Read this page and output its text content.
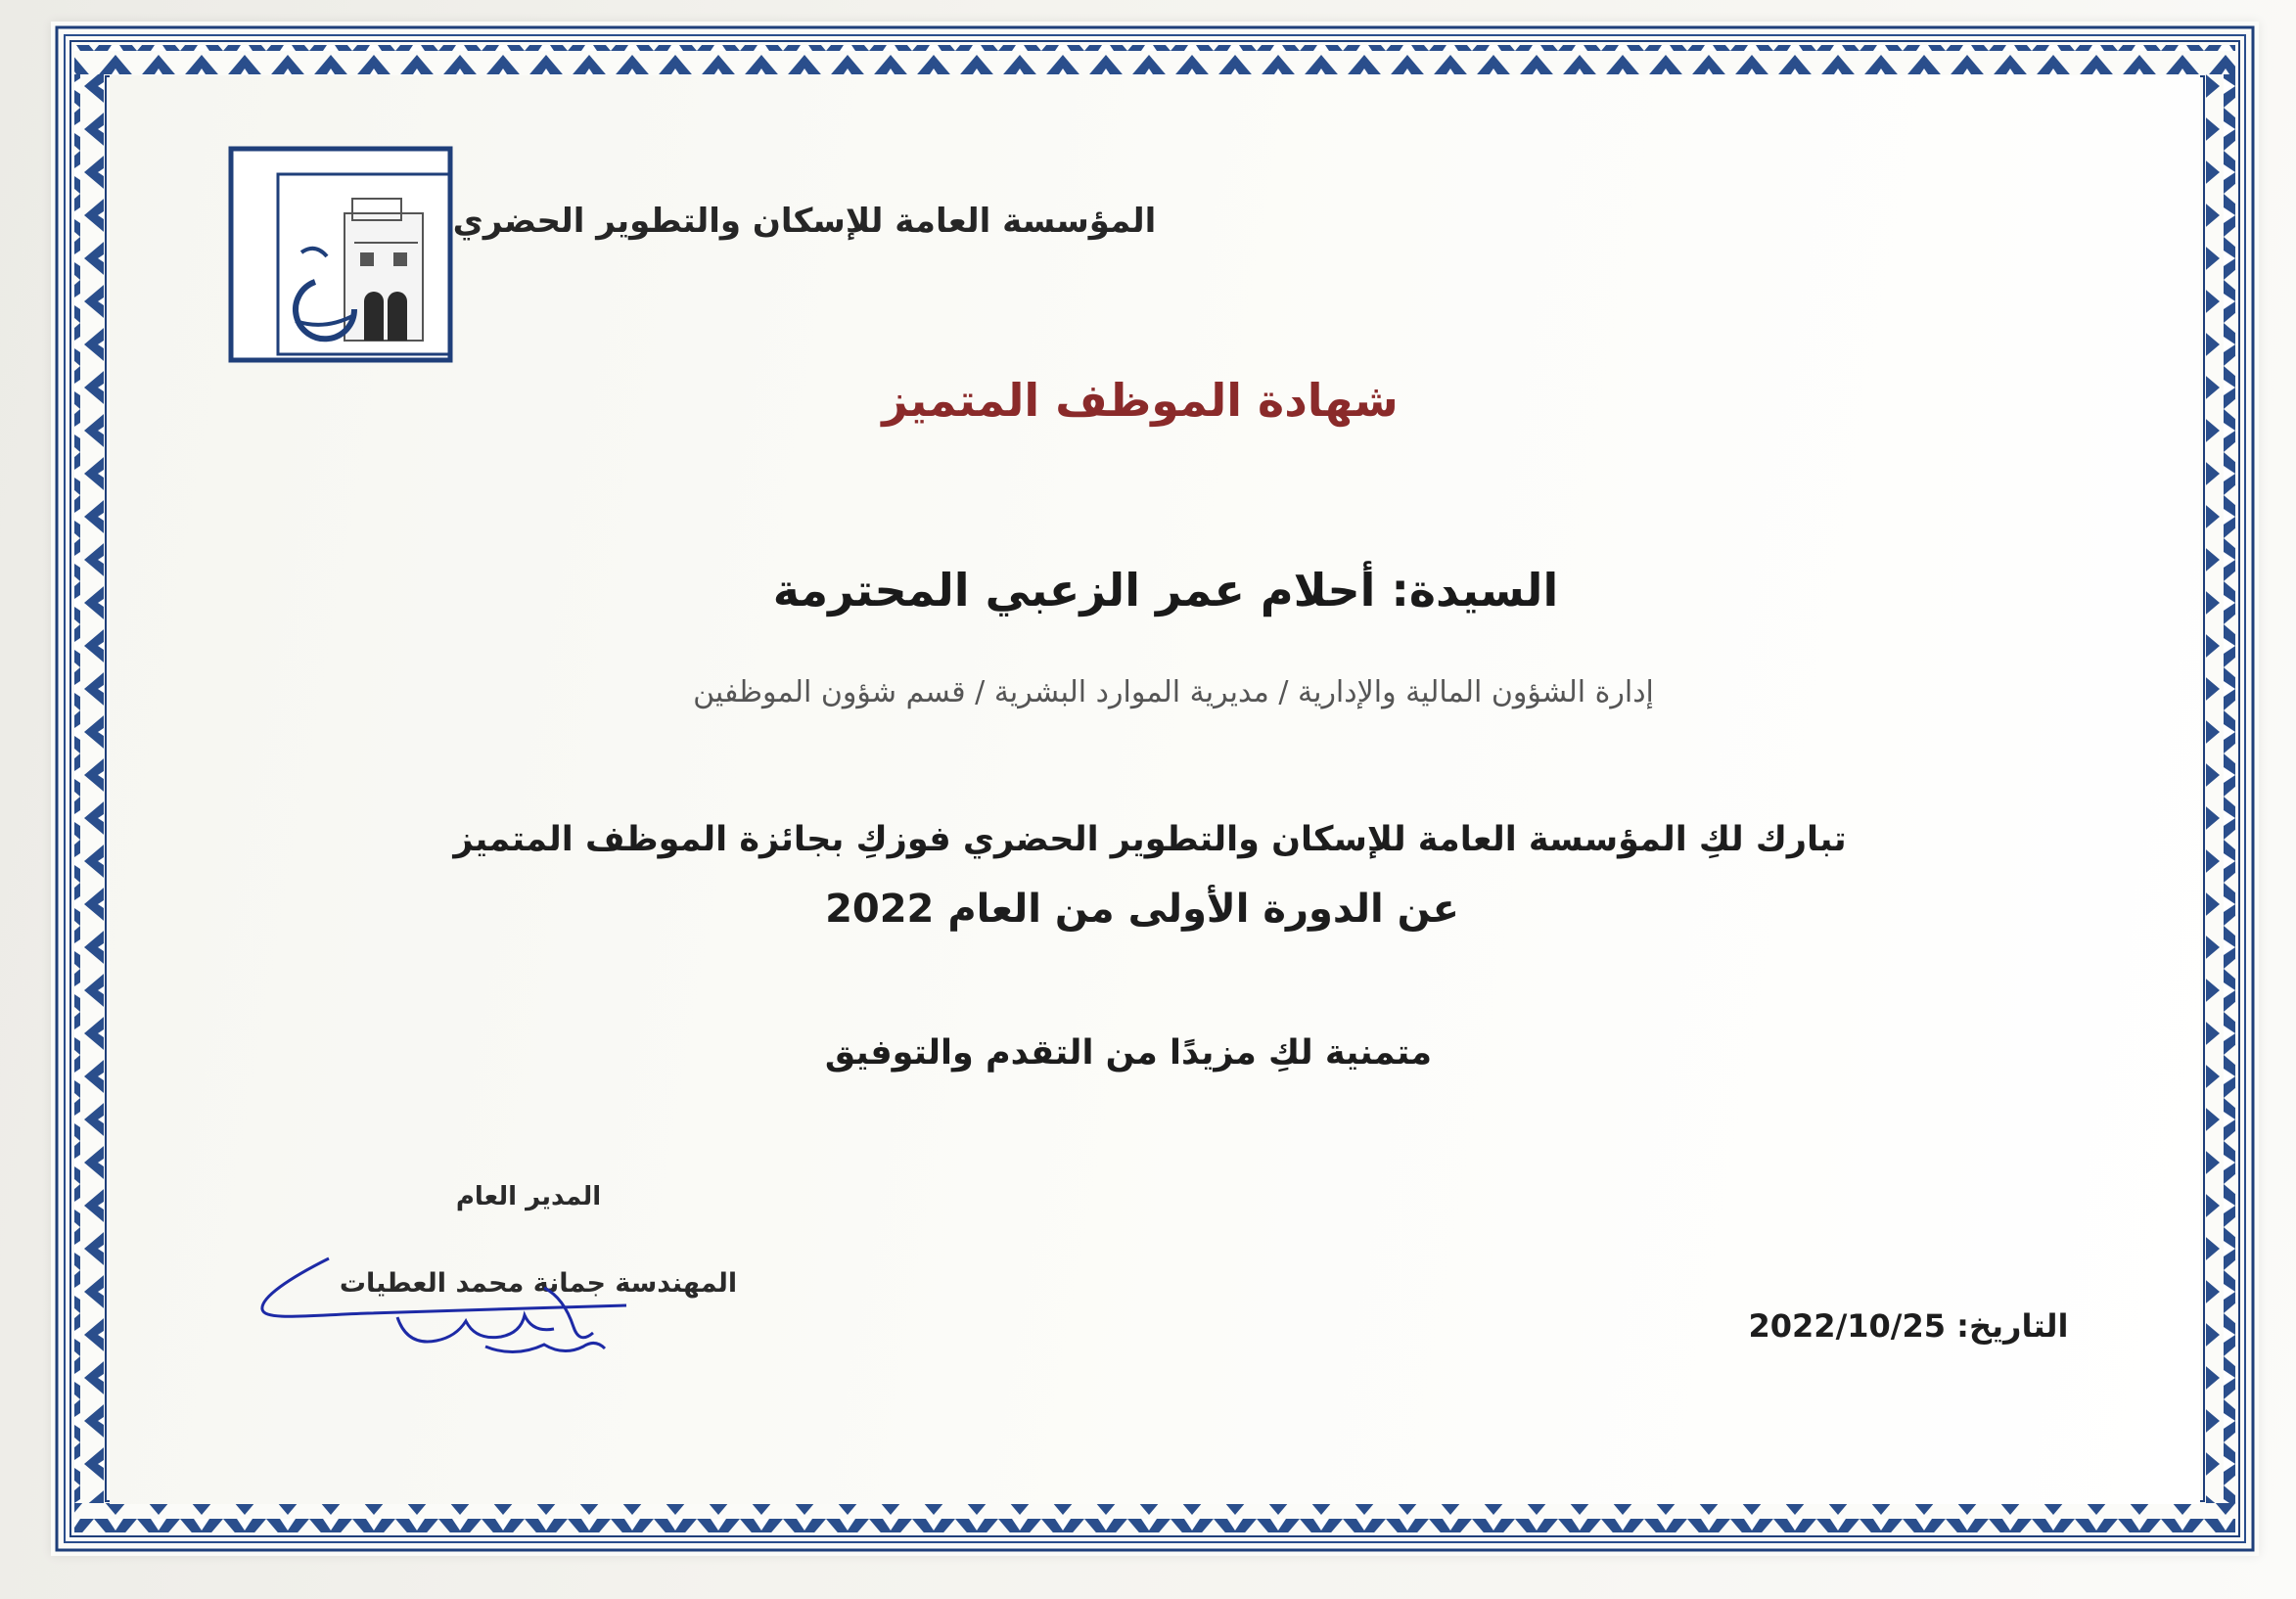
المؤسسة العامة للإسكان والتطوير الحضري
شهادة الموظف المتميز
السيدة: أحلام عمر الزعبي المحترمة
إدارة الشؤون المالية والإدارية / مديرية الموارد البشرية / قسم شؤون الموظفين
تبارك لكِ المؤسسة العامة للإسكان والتطوير الحضري فوزكِ بجائزة الموظف المتميز
عن الدورة الأولى من العام 2022
متمنية لكِ مزيدًا من التقدم والتوفيق
المدير العام
المهندسة جمانة محمد العطيات
التاريخ: 2022/10/25
